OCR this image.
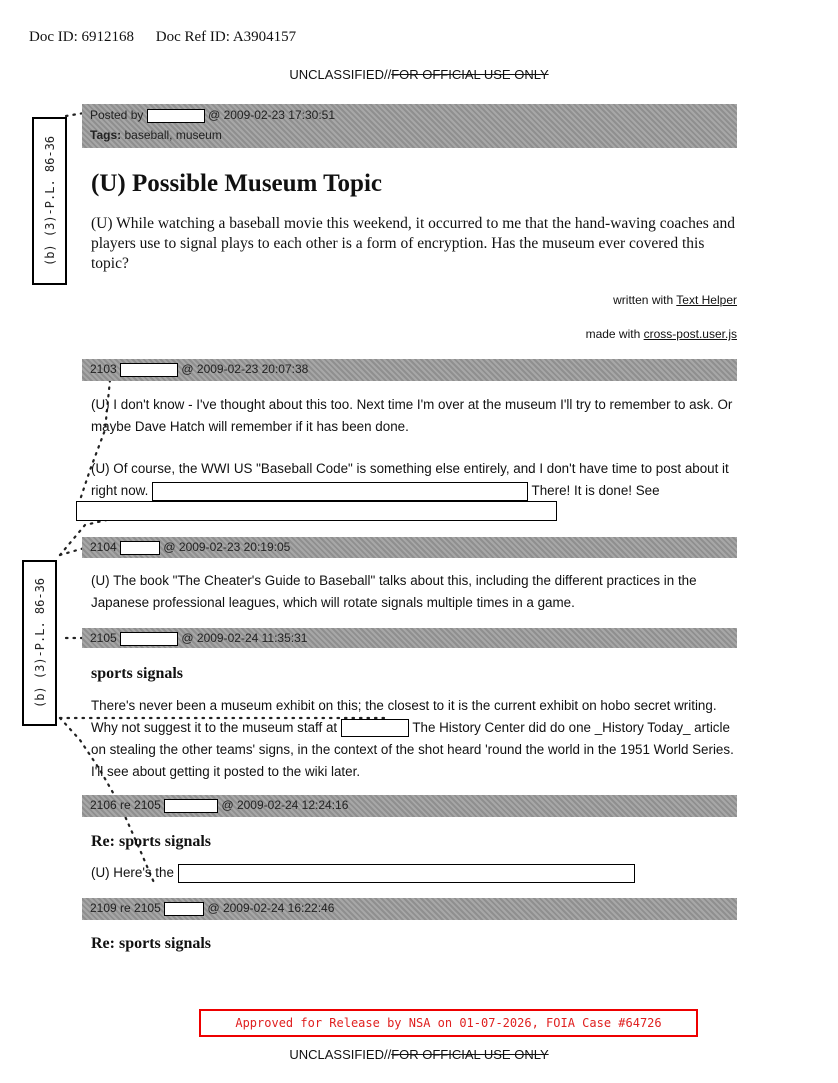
Doc ID: 6912168 Doc Ref ID: A3904157
UNCLASSIFIED//FOR OFFICIAL USE ONLY
(b) (3)-P.L. 86-36
(b) (3)-P.L. 86-36
Posted by	@ 2009-02-23 17:30:51
Tags: baseball, museum
(U) Possible Museum Topic
(U) While watching a baseball movie this weekend, it occurred to me that the hand-waving coaches and players use to signal plays to each other is a form of encryption. Has the museum ever covered this topic?
written with Text Helper
made with cross-post.user.js
2103	@ 2009-02-23 20:07:38
(U) I don't know - I've thought about this too. Next time I'm over at the museum I'll try to remember to ask. Or maybe Dave Hatch will remember if it has been done.
(U) Of course, the WWI US "Baseball Code" is something else entirely, and I don't have time to post about it right now.	There! It is done! See
2104	@ 2009-02-23 20:19:05
(U) The book "The Cheater's Guide to Baseball" talks about this, including the different practices in the Japanese professional leagues, which will rotate signals multiple times in a game.
2105	@ 2009-02-24 11:35:31
sports signals
There's never been a museum exhibit on this; the closest to it is the current exhibit on hobo secret writing. Why not suggest it to the museum staff at	The History Center did do one _History Today_ article on stealing the other teams' signs, in the context of the shot heard 'round the world in the 1951 World Series. I'll see about getting it posted to the wiki later.
2106 re 2105	@ 2009-02-24 12:24:16
Re: sports signals
(U) Here's the
2109 re 2105	@ 2009-02-24 16:22:46
Re: sports signals
Approved for Release by NSA on 01-07-2026, FOIA Case #64726
UNCLASSIFIED//FOR OFFICIAL USE ONLY
